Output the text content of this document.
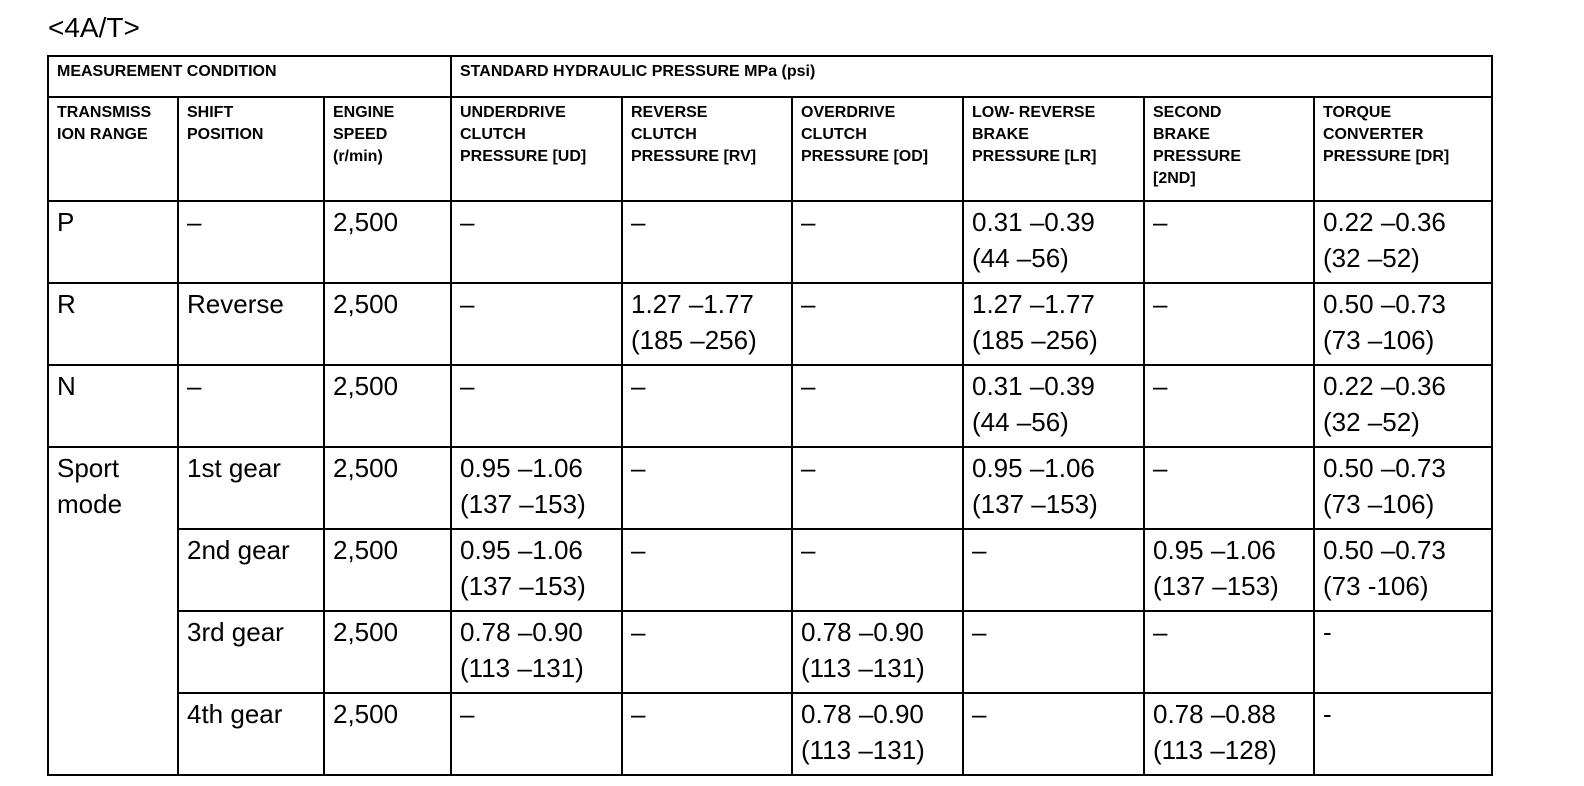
<4A/T>
MEASUREMENT CONDITION			STANDARD HYDRAULIC PRESSURE MPa (psi)					

TRANSMISS
ION RANGE	SHIFT
POSITION	ENGINE
SPEED
(r/min)	UNDERDRIVE
CLUTCH
PRESSURE [UD]	REVERSE
CLUTCH
PRESSURE [RV]	OVERDRIVE
CLUTCH
PRESSURE [OD]	LOW- REVERSE
BRAKE
PRESSURE [LR]	SECOND
BRAKE
PRESSURE
[2ND]	TORQUE
CONVERTER
PRESSURE [DR]

P	–	2,500	–	–	–	0.31 –0.39
(44 –56)	–	0.22 –0.36
(32 –52)

R	Reverse	2,500	–	1.27 –1.77
(185 –256)	–	1.27 –1.77
(185 –256)	–	0.50 –0.73
(73 –106)

N	–	2,500	–	–	–	0.31 –0.39
(44 –56)	–	0.22 –0.36
(32 –52)

Sport
mode	1st gear	2,500	0.95 –1.06
(137 –153)	–	–	0.95 –1.06
(137 –153)	–	0.50 –0.73
(73 –106)

	2nd gear	2,500	0.95 –1.06
(137 –153)	–	–	–	0.95 –1.06
(137 –153)	0.50 –0.73
(73 -106)

	3rd gear	2,500	0.78 –0.90
(113 –131)	–	0.78 –0.90
(113 –131)	–	–	-

	4th gear	2,500	–	–	0.78 –0.90
(113 –131)	–	0.78 –0.88
(113 –128)	-
